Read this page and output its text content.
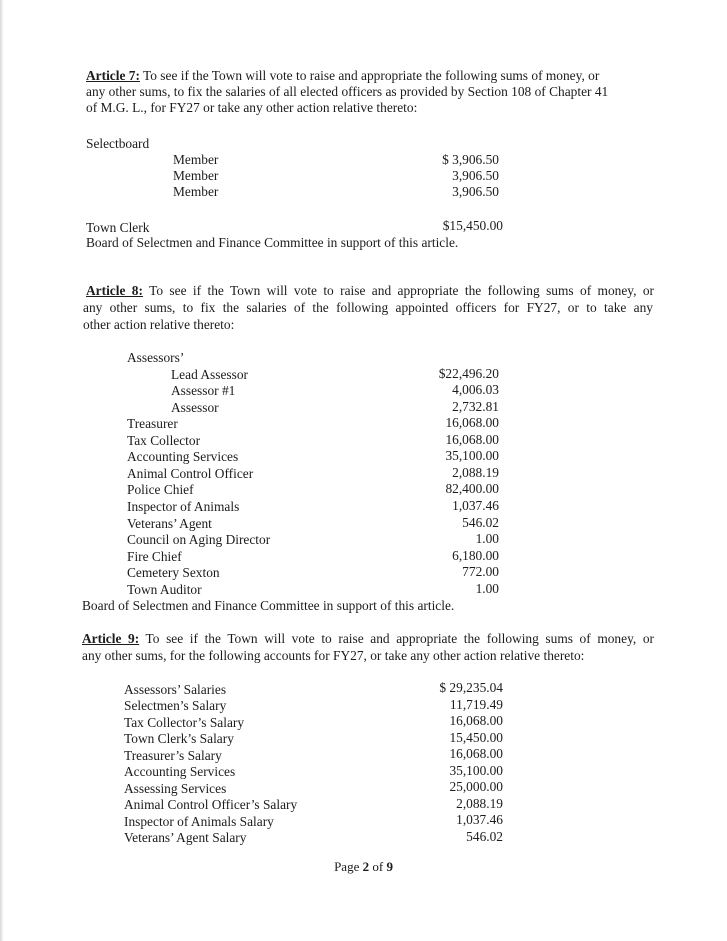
Article 7: To see if the Town will vote to raise and appropriate the following sums of money, or
any other sums, to fix the salaries of all elected officers as provided by Section 108 of Chapter 41
of M.G. L., for FY27 or take any other action relative thereto:
Selectboard
Member	$ 3,906.50
Member	3,906.50
Member	3,906.50
Town Clerk	$15,450.00
Board of Selectmen and Finance Committee in support of this article.
Article 8: To see if the Town will vote to raise and appropriate the following sums of money, or
any other sums, to fix the salaries of the following appointed officers for FY27, or to take any
other action relative thereto:
Assessors’
Lead Assessor	$22,496.20
Assessor #1	4,006.03
Assessor	2,732.81
Treasurer	16,068.00
Tax Collector	16,068.00
Accounting Services	35,100.00
Animal Control Officer	2,088.19
Police Chief	82,400.00
Inspector of Animals	1,037.46
Veterans’ Agent	546.02
Council on Aging Director	1.00
Fire Chief	6,180.00
Cemetery Sexton	772.00
Town Auditor	1.00
Board of Selectmen and Finance Committee in support of this article.
Article 9: To see if the Town will vote to raise and appropriate the following sums of money, or
any other sums, for the following accounts for FY27, or take any other action relative thereto:
Assessors’ Salaries	$ 29,235.04
Selectmen’s Salary	11,719.49
Tax Collector’s Salary	16,068.00
Town Clerk’s Salary	15,450.00
Treasurer’s Salary	16,068.00
Accounting Services	35,100.00
Assessing Services	25,000.00
Animal Control Officer’s Salary	2,088.19
Inspector of Animals Salary	1,037.46
Veterans’ Agent Salary	546.02
Page 2 of 9
